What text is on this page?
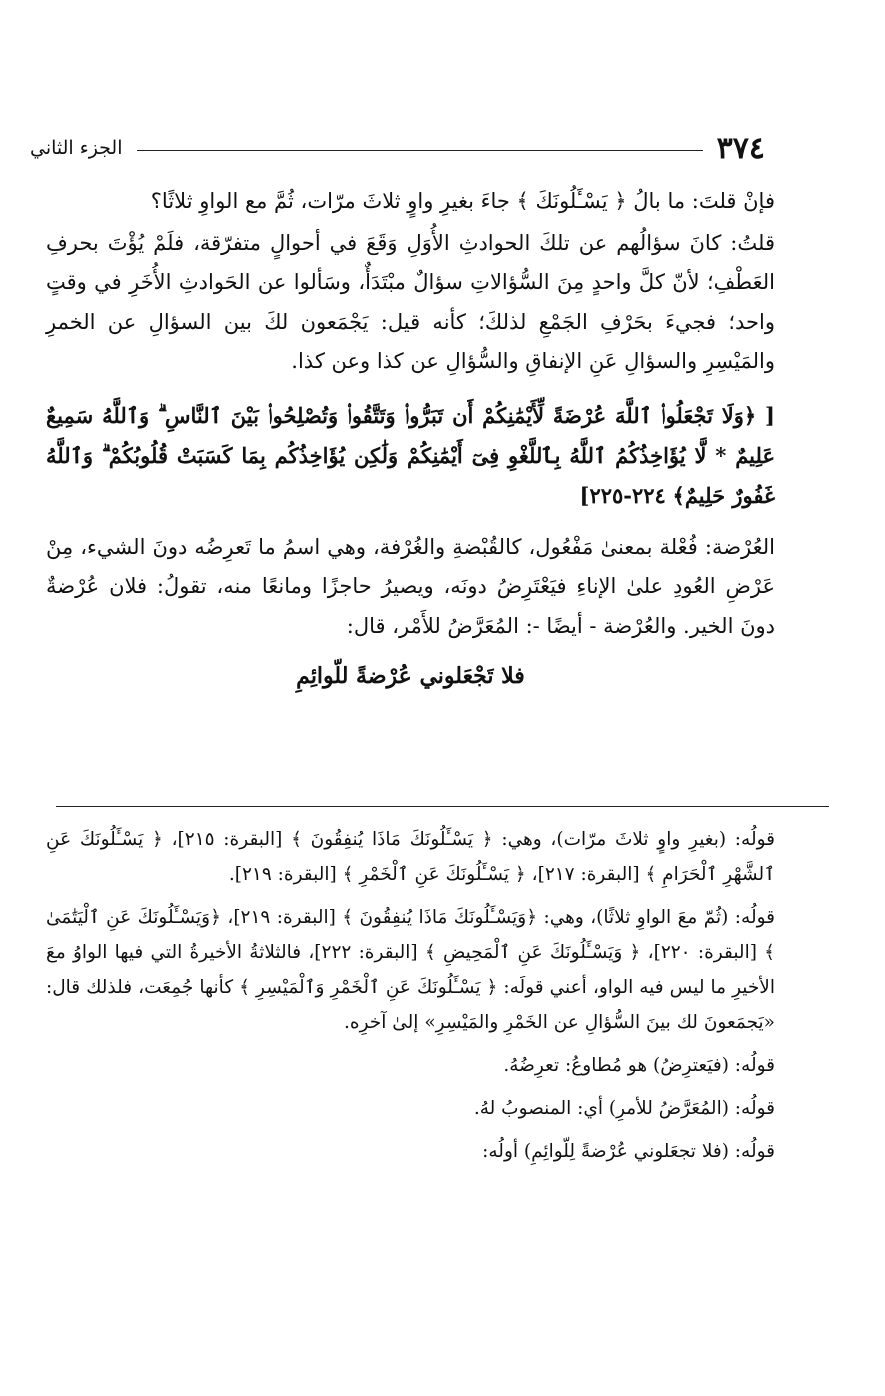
٣٧٤
الجزء الثاني

فإنْ قلتَ: ما بالُ ﴿ يَسْـَٔلُونَكَ ﴾ جاءَ بغيرِ واوٍ ثلاثَ مرّات، ثُمَّ مع الواوِ ثلاثًا؟

قلتُ: كانَ سؤالُهم عن تلكَ الحوادثِ الأُوَلِ وَقَعَ في أحوالٍ متفرّقة، فلَمْ يُؤْتَ بحرفِ العَطْفِ؛ لأنّ كلَّ واحدٍ مِنَ السُّؤالاتِ سؤالٌ مبْتَدَأٌ، وسَألوا عن الحَوادثِ الأُخَرِ في وقتٍ واحد؛ فجيءَ بحَرْفِ الجَمْعِ لذلكَ؛ كأنه قيل: يَجْمَعون لكَ بين السؤالِ عن الخمرِ والمَيْسِرِ والسؤالِ عَنِ الإنفاقِ والسُّؤالِ عن كذا وعن كذا.

[ ﴿وَلَا تَجْعَلُوا۟ ٱللَّهَ عُرْضَةً لِّأَيْمَٰنِكُمْ أَن تَبَرُّوا۟ وَتَتَّقُوا۟ وَتُصْلِحُوا۟ بَيْنَ ٱلنَّاسِ ۗ وَٱللَّهُ سَمِيعٌ عَلِيمٌ * لَّا يُؤَاخِذُكُمُ ٱللَّهُ بِٱللَّغْوِ فِىٓ أَيْمَٰنِكُمْ وَلَٰكِن يُؤَاخِذُكُم بِمَا كَسَبَتْ قُلُوبُكُمْ ۗ وَٱللَّهُ غَفُورٌ حَلِيمٌ﴾ ٢٢٤-٢٢٥]

العُرْضة: فُعْلة بمعنىٰ مَفْعُول، كالقُبْضةِ والغُرْفة، وهي اسمُ ما تَعرِضُه دونَ الشيء، مِنْ عَرْضِ العُودِ علىٰ الإناءِ فيَعْتَرِضُ دونَه، ويصيرُ حاجزًا ومانعًا منه، تقولُ: فلان عُرْضةٌ دونَ الخير. والعُرْضة - أيضًا -: المُعَرَّضُ للأَمْر، قال:

فلا تَجْعَلوني عُرْضةً للّوائِمِ

قولُه: (بغيرِ واوٍ ثلاثَ مرّات)، وهي: ﴿ يَسْـَٔلُونَكَ مَاذَا يُنفِقُونَ ﴾ [البقرة: ٢١٥]، ﴿ يَسْـَٔلُونَكَ عَنِ ٱلشَّهْرِ ٱلْحَرَامِ ﴾ [البقرة: ٢١٧]، ﴿ يَسْـَٔلُونَكَ عَنِ ٱلْخَمْرِ ﴾ [البقرة: ٢١٩].

قولُه: (ثُمّ معَ الواوِ ثلاثًا)، وهي: ﴿وَيَسْـَٔلُونَكَ مَاذَا يُنفِقُونَ ﴾ [البقرة: ٢١٩]، ﴿وَيَسْـَٔلُونَكَ عَنِ ٱلْيَتَٰمَىٰ ﴾ [البقرة: ٢٢٠]، ﴿ وَيَسْـَٔلُونَكَ عَنِ ٱلْمَحِيضِ ﴾ [البقرة: ٢٢٢]، فالثلاثةُ الأخيرةُ التي فيها الواوُ معَ الأخيرِ ما ليس فيه الواو، أعني قولَه: ﴿ يَسْـَٔلُونَكَ عَنِ ٱلْخَمْرِ وَٱلْمَيْسِرِ ﴾ كأنها جُمِعَت، فلذلك قال: «يَجمَعونَ لك بينَ السُّؤالِ عن الخَمْرِ والمَيْسِرِ» إلىٰ آخرِه.

قولُه: (فيَعترِضُ) هو مُطاوعُ: تعرِضُهُ.

قولُه: (المُعَرَّضُ للأمرِ) أي: المنصوبُ لهُ.

قولُه: (فلا تجعَلوني عُرْضةً لِلّوائِمِ) أولُه:
